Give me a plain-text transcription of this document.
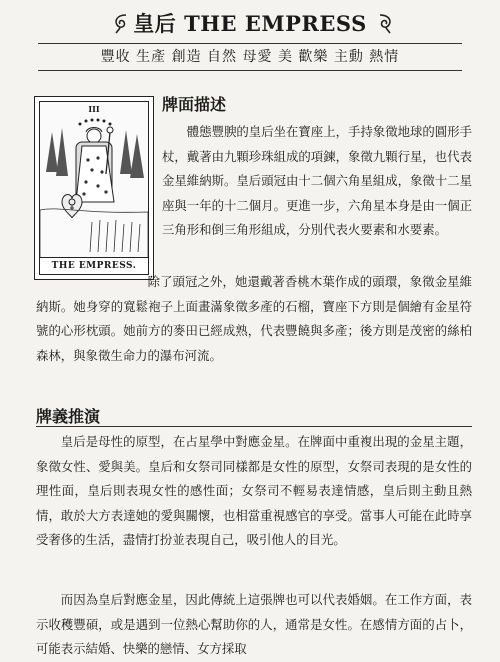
皇后 THE EMPRESS
豐收 生產 創造 自然 母愛 美 歡樂 主動 熱情
III
THE EMPRESS.
牌面描述

體態豐腴的皇后坐在寶座上，手持象徵地球的圓形手杖，戴著由九顆珍珠組成的項鍊，象徵九顆行星，也代表金星維納斯。皇后頭冠由十二個六角星組成，象徵十二星座與一年的十二個月。更進一步，六角星本身是由一個正三角形和倒三角形組成，分別代表火要素和水要素。

除了頭冠之外，她還戴著香桃木葉作成的頭環，象徵金星維納斯。她身穿的寬鬆袍子上面畫滿象徵多產的石榴，寶座下方則是個繪有金星符號的心形枕頭。她前方的麥田已經成熟，代表豐饒與多產；後方則是茂密的絲柏森林，與象徵生命力的瀑布河流。

牌義推演

皇后是母性的原型，在占星學中對應金星。在牌面中重複出現的金星主題，象徵女性、愛與美。皇后和女祭司同樣都是女性的原型，女祭司表現的是女性的理性面，皇后則表現女性的感性面；女祭司不輕易表達情感，皇后則主動且熱情，敢於大方表達她的愛與關懷，也相當重視感官的享受。當事人可能在此時享受奢侈的生活，盡情打扮並表現自己，吸引他人的目光。

而因為皇后對應金星，因此傳統上這張牌也可以代表婚姻。在工作方面，表示收穫豐碩，或是遇到一位熱心幫助你的人，通常是女性。在感情方面的占卜，可能表示結婚、快樂的戀情、女方採取
